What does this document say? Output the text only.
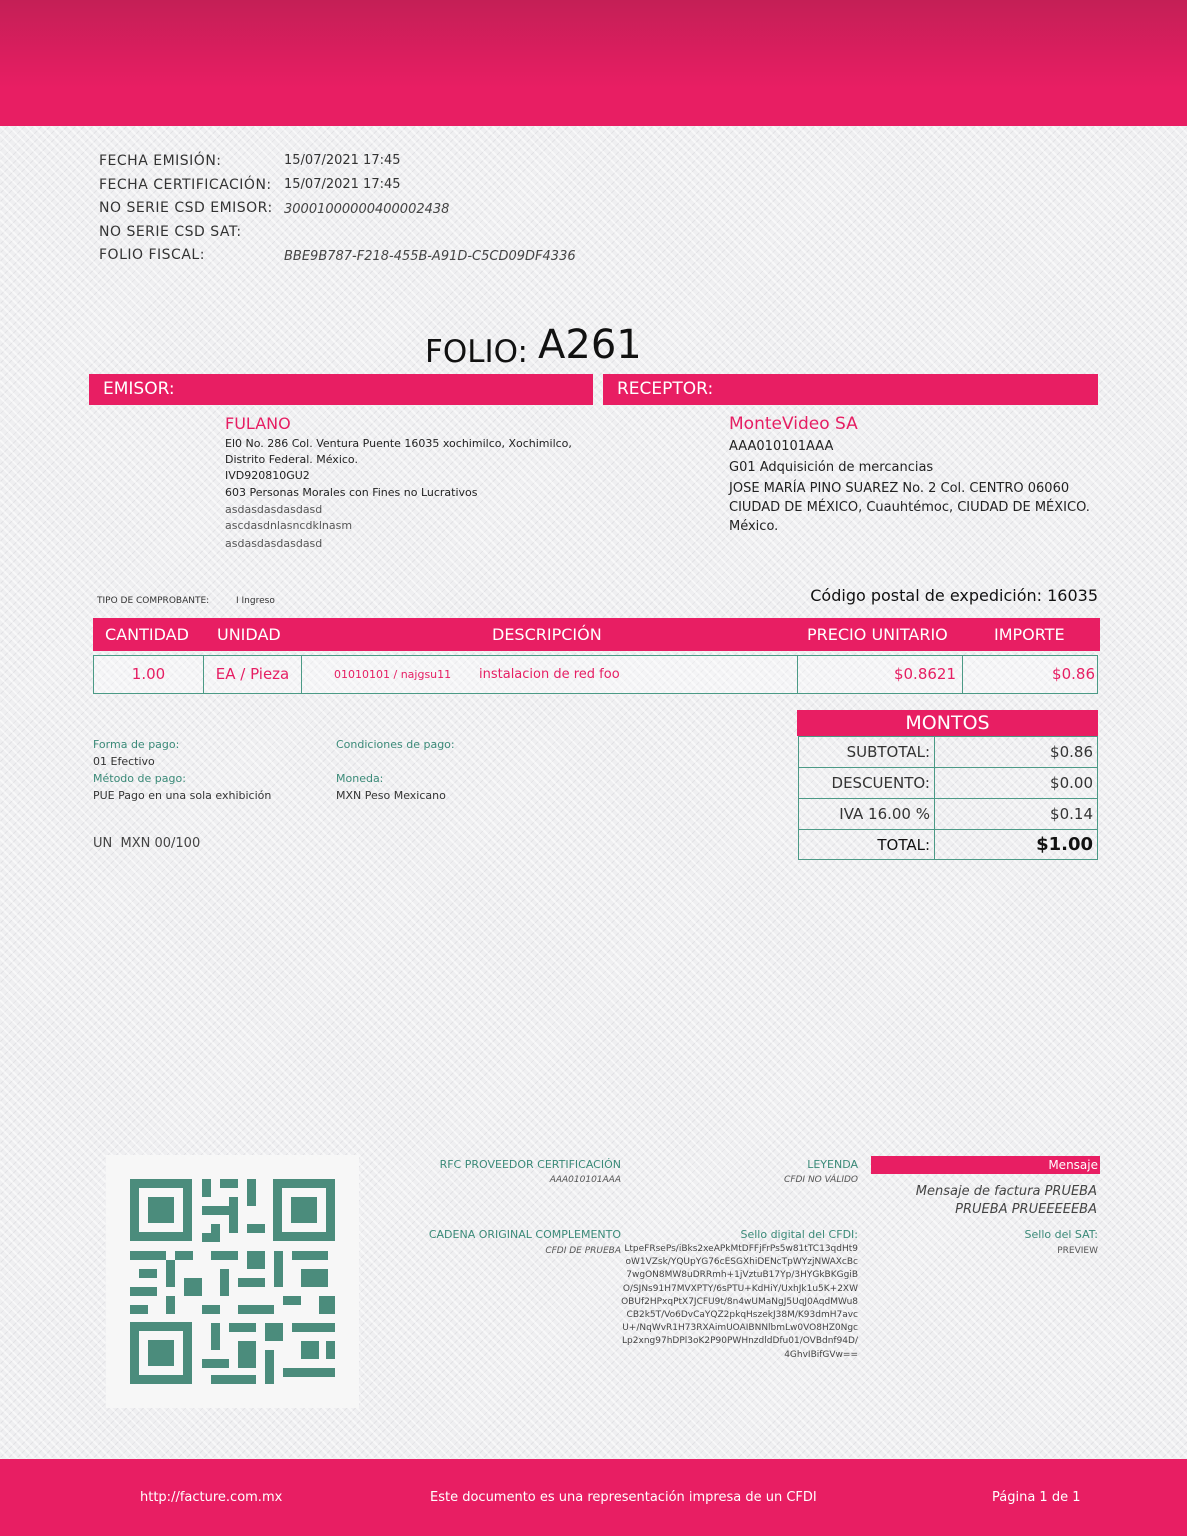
FECHA EMISIÓN:	15/07/2021 17:45
FECHA CERTIFICACIÓN: 15/07/2021 17:45
NO SERIE CSD EMISOR: 30001000000400002438
NO SERIE CSD SAT:
FOLIO FISCAL:	BBE9B787-F218-455B-A91D-C5CD09DF4336
FOLIO: A261
EMISOR:	RECEPTOR:
FULANO
El0 No. 286 Col. Ventura Puente 16035 xochimilco, Xochimilco,
Distrito Federal. México.
IVD920810GU2
603 Personas Morales con Fines no Lucrativos
asdasdasdasdasd
ascdasdnlasncdklnasm
asdasdasdasdasd
MonteVideo SA
AAA010101AAA
G01 Adquisición de mercancias
JOSE MARÍA PINO SUAREZ No. 2 Col. CENTRO 06060
CIUDAD DE MÉXICO, Cuauhtémoc, CIUDAD DE MÉXICO.
México.
TIPO DE COMPROBANTE:	I Ingreso	Código postal de expedición: 16035
CANTIDAD UNIDAD	DESCRIPCIÓN	PRECIO UNITARIO	IMPORTE
1.00	EA / Pieza	01010101 / najgsu11 instalacion de red foo	$0.8621	$0.86
MONTOS
SUBTOTAL:	$0.86
DESCUENTO:	$0.00
IVA 16.00 %	$0.14
TOTAL:	$1.00
Forma de pago:
01 Efectivo
Método de pago:
PUE Pago en una sola exhibición
Condiciones de pago:
Moneda:
MXN Peso Mexicano
UN  MXN 00/100
RFC PROVEEDOR CERTIFICACIÓN
AAA010101AAA
LEYENDA
CFDI NO VÁLIDO
Mensaje
Mensaje de factura PRUEBA PRUEBA PRUEEEEEBA
CADENA ORIGINAL COMPLEMENTO
CFDI DE PRUEBA
Sello digital del CFDI:
LtpeFRsePs/iBks2xeAPkMtDFFjFrPs5w81tTC13qdHt9oW1VZsk/YQUpYG76cESGXhiDENcTpWYzjNWAXcBc7wgON8MW8uDRRmh+1jVztuB17Yp/3HYGkBKGgiBO/SJNs91H7MVXPTY/6sPTU+KdHiY/UxhJk1u5K+2XWOBUf2HPxqPtX7JCFU9t/8n4wUMaNgJ5UqJ0AqdMWu8CB2k5T/Vo6DvCaYQZ2pkqHszekJ38M/K93dmH7avcU+/NqWvR1H73RXAimUOAIBNNlbmLw0VO8HZ0NgcLp2xng97hDPl3oK2P90PWHnzdldDfu01/OVBdnf94D/4GhvIBifGVw==
Sello del SAT:
PREVIEW
http://facture.com.mx	Este documento es una representación impresa de un CFDI	Página 1 de 1
